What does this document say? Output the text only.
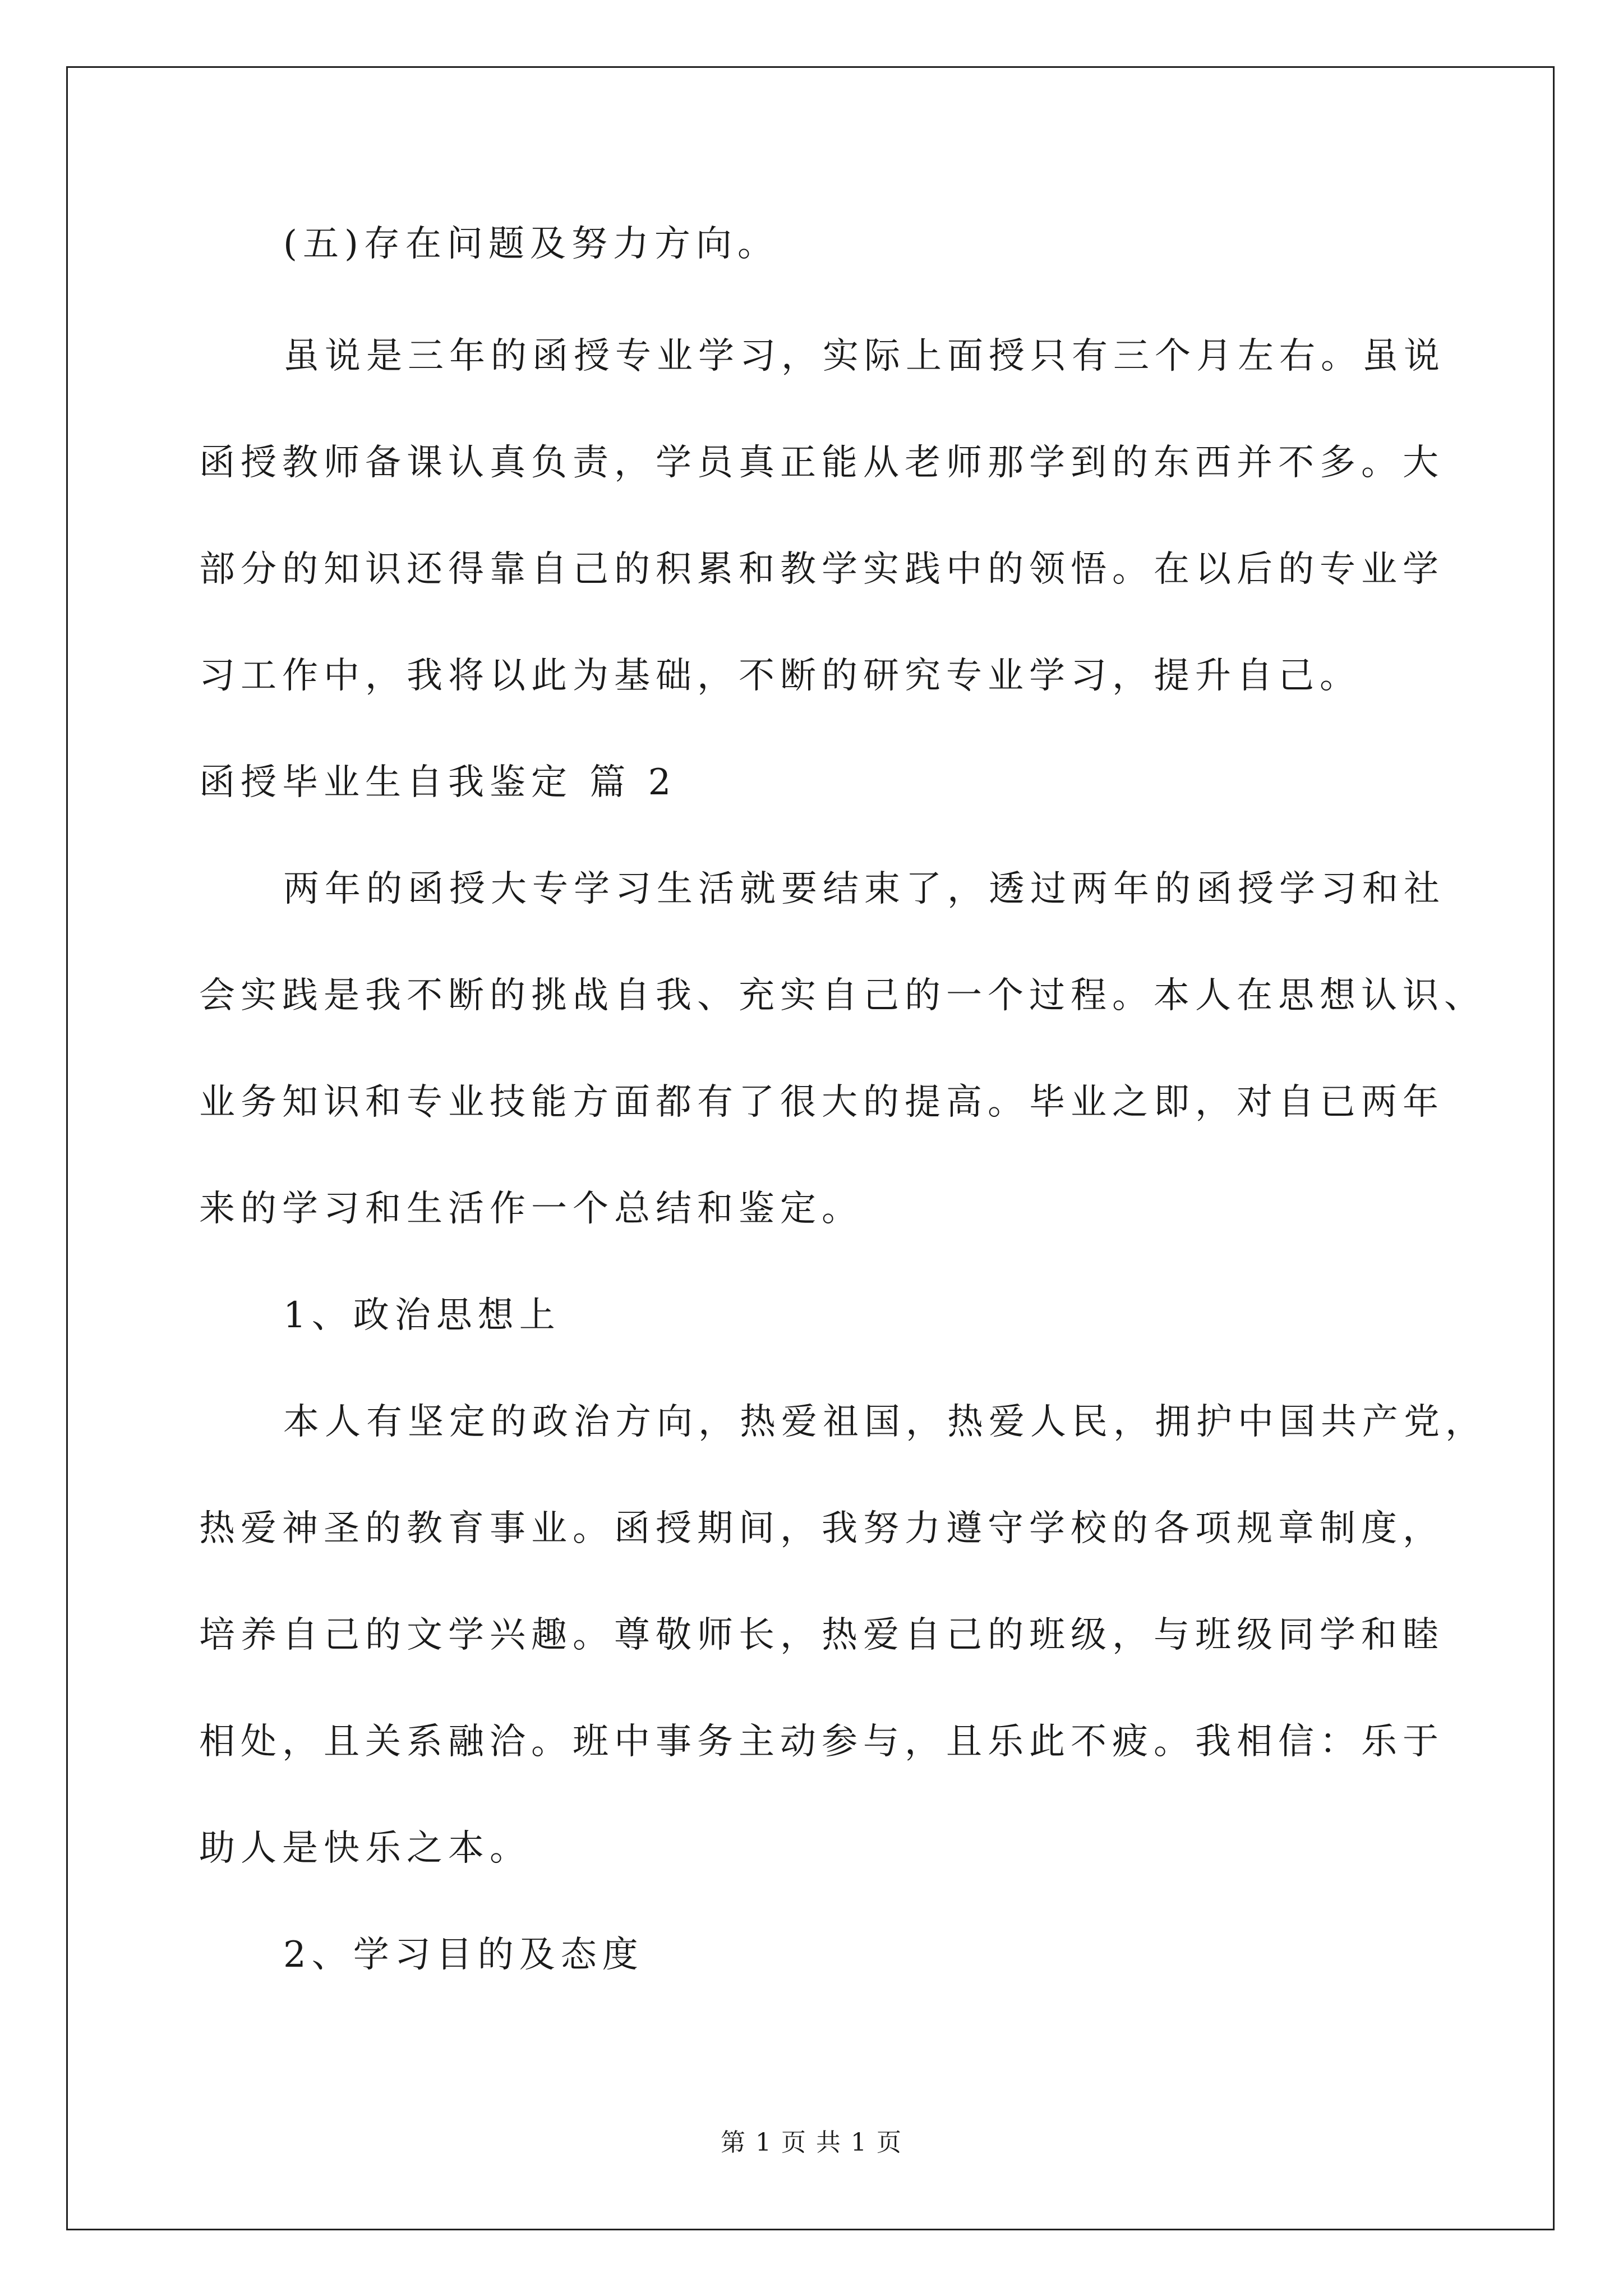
(五)存在问题及努力方向。
虽说是三年的函授专业学习，实际上面授只有三个月左右。虽说
函授教师备课认真负责，学员真正能从老师那学到的东西并不多。大
部分的知识还得靠自己的积累和教学实践中的领悟。在以后的专业学
习工作中，我将以此为基础，不断的研究专业学习，提升自己。
函授毕业生自我鉴定 篇 2
两年的函授大专学习生活就要结束了，透过两年的函授学习和社
会实践是我不断的挑战自我、充实自己的一个过程。本人在思想认识、
业务知识和专业技能方面都有了很大的提高。毕业之即，对自已两年
来的学习和生活作一个总结和鉴定。
1、政治思想上
本人有坚定的政治方向，热爱祖国，热爱人民，拥护中国共产党，
热爱神圣的教育事业。函授期间，我努力遵守学校的各项规章制度，
培养自己的文学兴趣。尊敬师长，热爱自己的班级，与班级同学和睦
相处，且关系融洽。班中事务主动参与，且乐此不疲。我相信：乐于
助人是快乐之本。
2、学习目的及态度
第 1 页 共 1 页
